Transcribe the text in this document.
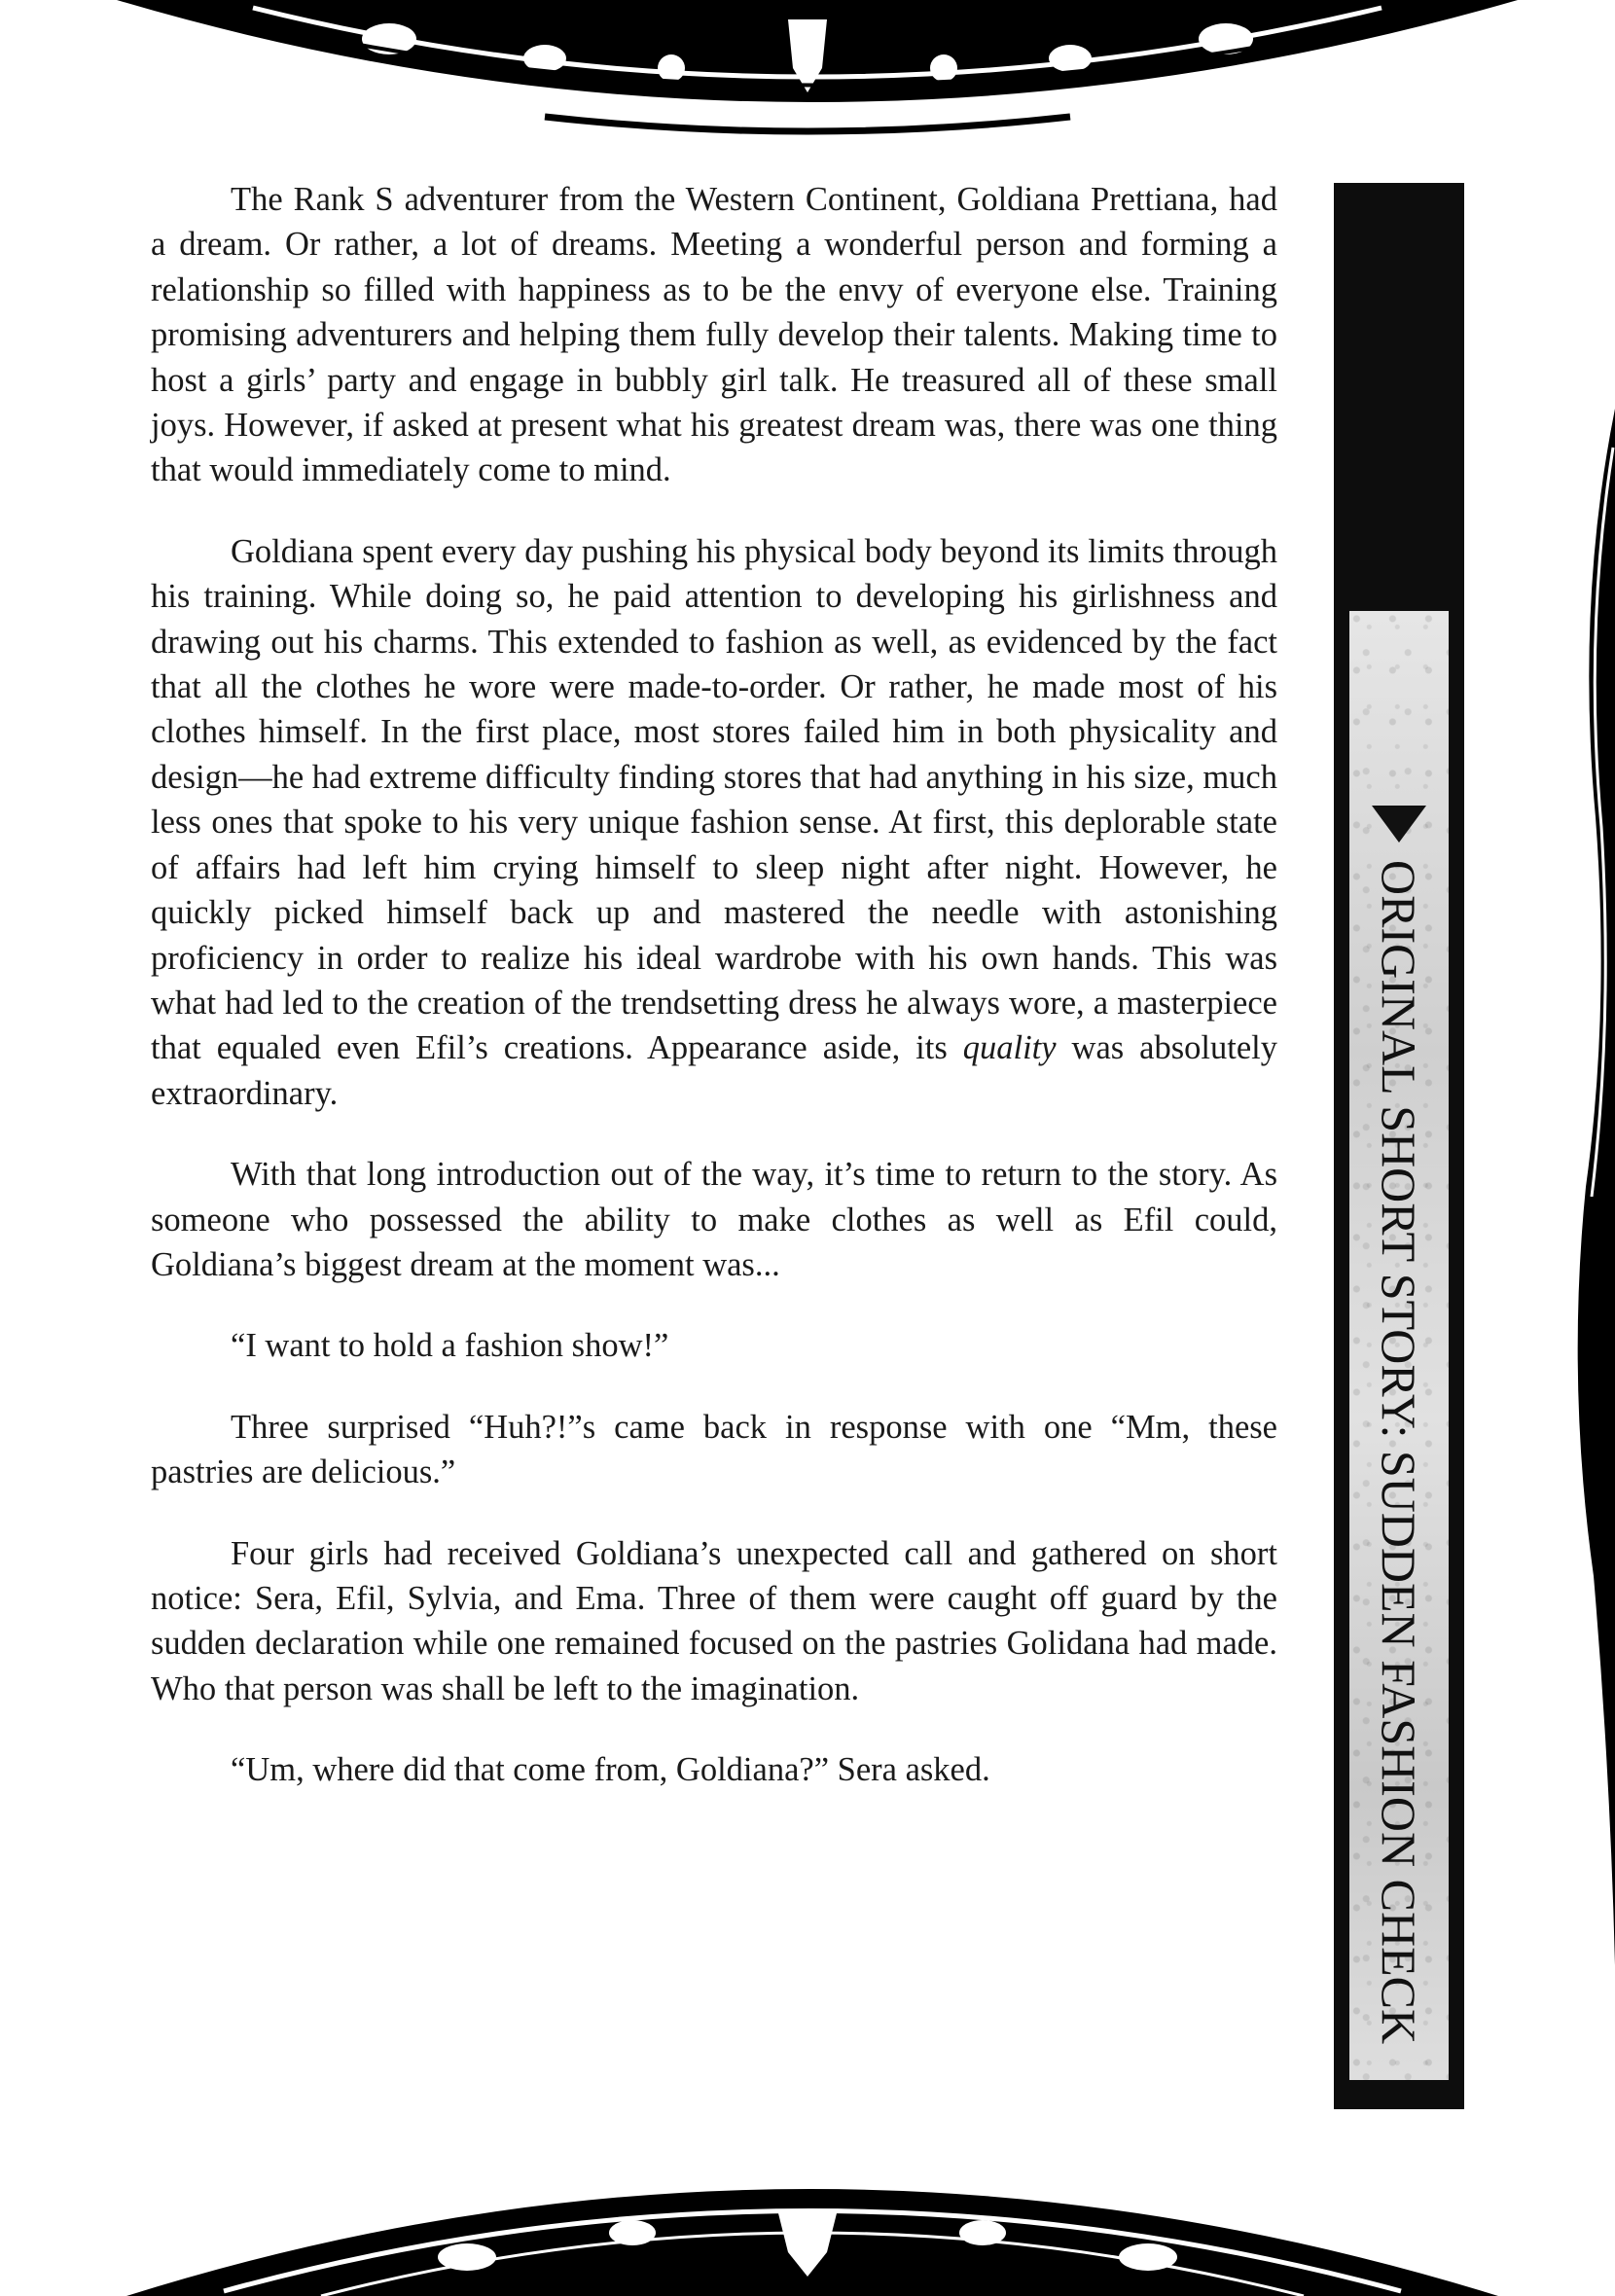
The Rank S adventurer from the Western Continent, Goldiana Prettiana, had a dream. Or rather, a lot of dreams. Meeting a wonderful person and forming a relationship so filled with happiness as to be the envy of everyone else. Training promising adventurers and helping them fully develop their talents. Making time to host a girls’ party and engage in bubbly girl talk. He treasured all of these small joys. However, if asked at present what his greatest dream was, there was one thing that would immediately come to mind.

Goldiana spent every day pushing his physical body beyond its limits through his training. While doing so, he paid attention to developing his girlishness and drawing out his charms. This extended to fashion as well, as evidenced by the fact that all the clothes he wore were made-to-order. Or rather, he made most of his clothes himself. In the first place, most stores failed him in both physicality and design—he had extreme difficulty finding stores that had anything in his size, much less ones that spoke to his very unique fashion sense. At first, this deplorable state of affairs had left him crying himself to sleep night after night. However, he quickly picked himself back up and mastered the needle with astonishing proficiency in order to realize his ideal wardrobe with his own hands. This was what had led to the creation of the trendsetting dress he always wore, a masterpiece that equaled even Efil’s creations. Appearance aside, its quality was absolutely extraordinary.

With that long introduction out of the way, it’s time to return to the story. As someone who possessed the ability to make clothes as well as Efil could, Goldiana’s biggest dream at the moment was...

“I want to hold a fashion show!”

Three surprised “Huh?!”s came back in response with one “Mm, these pastries are delicious.”

Four girls had received Goldiana’s unexpected call and gathered on short notice: Sera, Efil, Sylvia, and Ema. Three of them were caught off guard by the sudden declaration while one remained focused on the pastries Golidana had made. Who that person was shall be left to the imagination.

“Um, where did that come from, Goldiana?” Sera asked.	ORIGINAL SHORT STORY: SUDDEN FASHION CHECK
